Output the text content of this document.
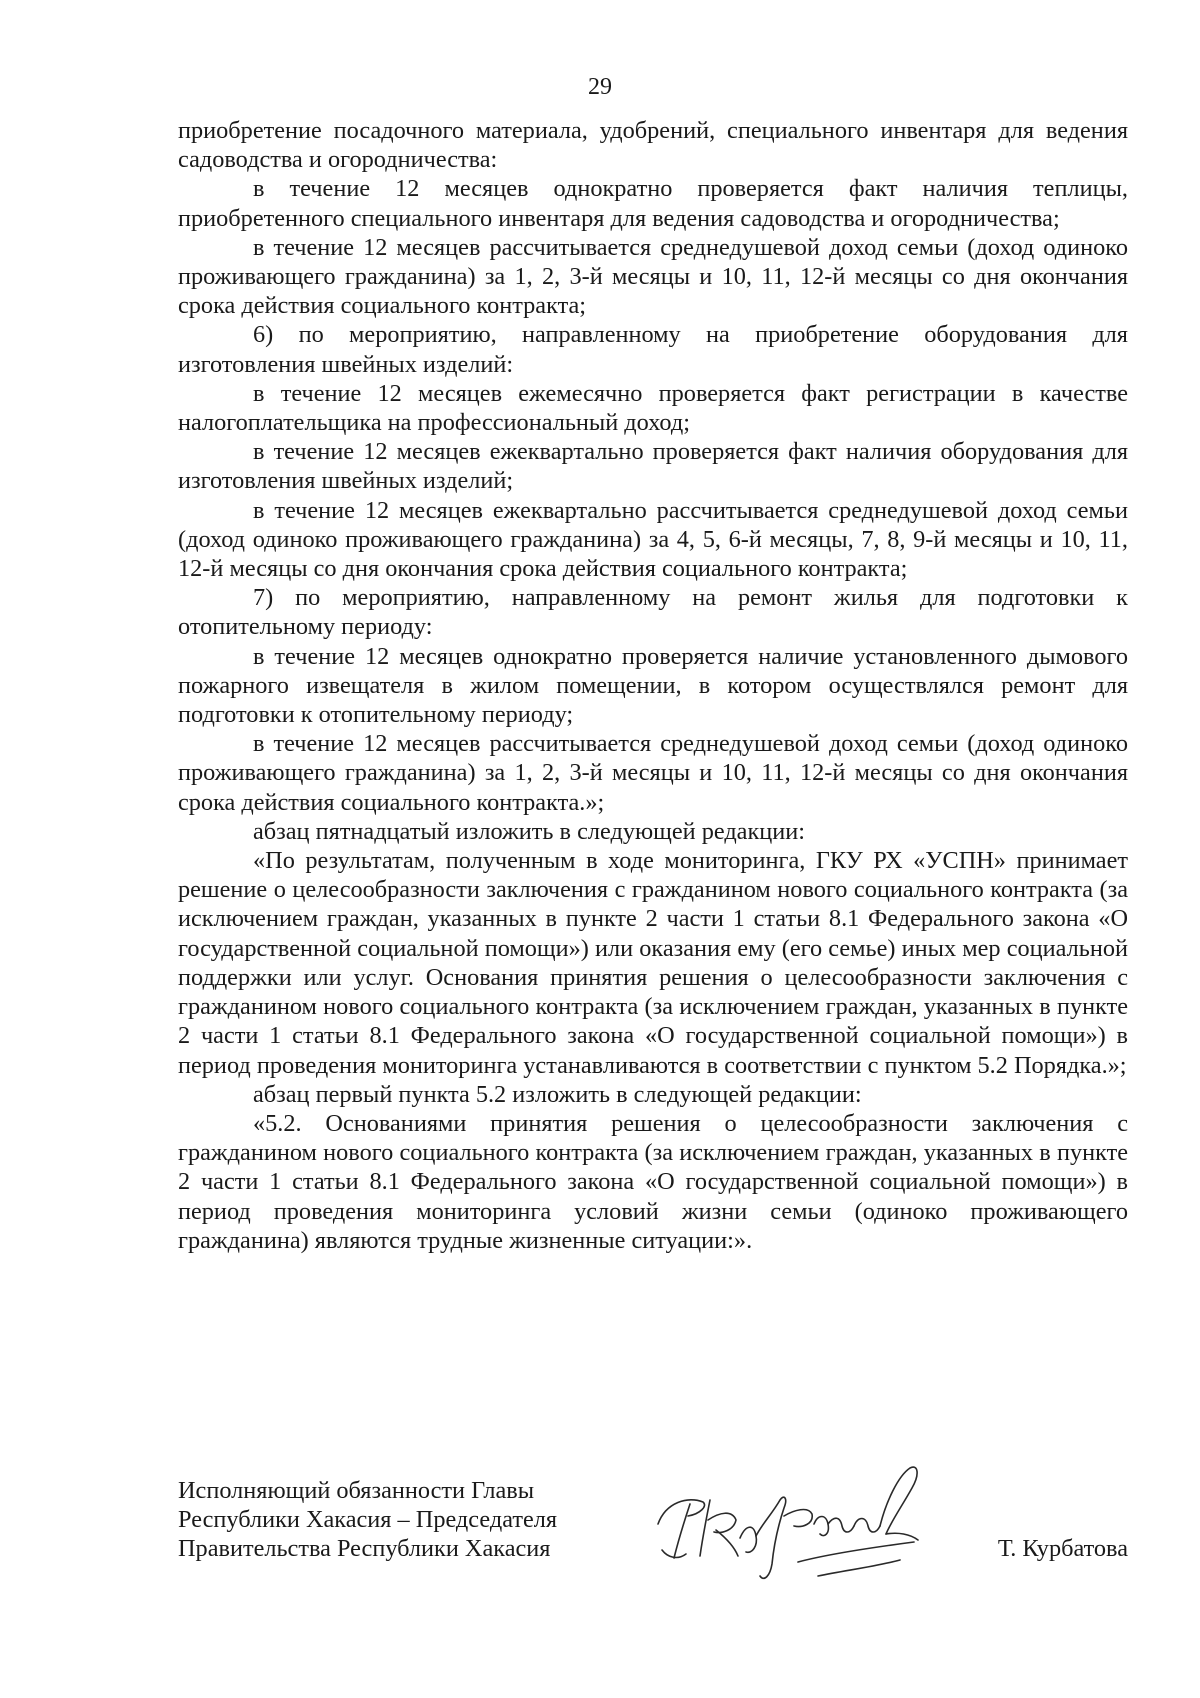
29

приобретение посадочного материала, удобрений, специального инвентаря для ведения садоводства и огородничества:

в течение 12 месяцев однократно проверяется факт наличия теплицы, приобретенного специального инвентаря для ведения садоводства и огородничества;

в течение 12 месяцев рассчитывается среднедушевой доход семьи (доход одиноко проживающего гражданина) за 1, 2, 3-й месяцы и 10, 11, 12-й месяцы со дня окончания срока действия социального контракта;

6) по мероприятию, направленному на приобретение оборудования для изготовления швейных изделий:

в течение 12 месяцев ежемесячно проверяется факт регистрации в качестве налогоплательщика на профессиональный доход;

в течение 12 месяцев ежеквартально проверяется факт наличия оборудования для изготовления швейных изделий;

в течение 12 месяцев ежеквартально рассчитывается среднедушевой доход семьи (доход одиноко проживающего гражданина) за 4, 5, 6-й месяцы, 7, 8, 9-й месяцы и 10, 11, 12-й месяцы со дня окончания срока действия социального контракта;

7) по мероприятию, направленному на ремонт жилья для подготовки к отопительному периоду:

в течение 12 месяцев однократно проверяется наличие установленного дымового пожарного извещателя в жилом помещении, в котором осуществлялся ремонт для подготовки к отопительному периоду;

в течение 12 месяцев рассчитывается среднедушевой доход семьи (доход одиноко проживающего гражданина) за 1, 2, 3-й месяцы и 10, 11, 12-й месяцы со дня окончания срока действия социального контракта.»;

абзац пятнадцатый изложить в следующей редакции:

«По результатам, полученным в ходе мониторинга, ГКУ РХ «УСПН» принимает решение о целесообразности заключения с гражданином нового социального контракта (за исключением граждан, указанных в пункте 2 части 1 статьи 8.1 Федерального закона «О государственной социальной помощи») или оказания ему (его семье) иных мер социальной поддержки или услуг. Основания принятия решения о целесообразности заключения с гражданином нового социального контракта (за исключением граждан, указанных в пункте 2 части 1 статьи 8.1 Федерального закона «О государственной социальной помощи») в период проведения мониторинга устанавливаются в соответствии с пунктом 5.2 Порядка.»;

абзац первый пункта 5.2 изложить в следующей редакции:

«5.2. Основаниями принятия решения о целесообразности заключения с гражданином нового социального контракта (за исключением граждан, указанных в пункте 2 части 1 статьи 8.1 Федерального закона «О государственной социальной помощи») в период проведения мониторинга условий жизни семьи (одиноко проживающего гражданина) являются трудные жизненные ситуации:».

Исполняющий обязанности Главы
Республики Хакасия – Председателя
Правительства Республики Хакасия	Т. Курбатова
